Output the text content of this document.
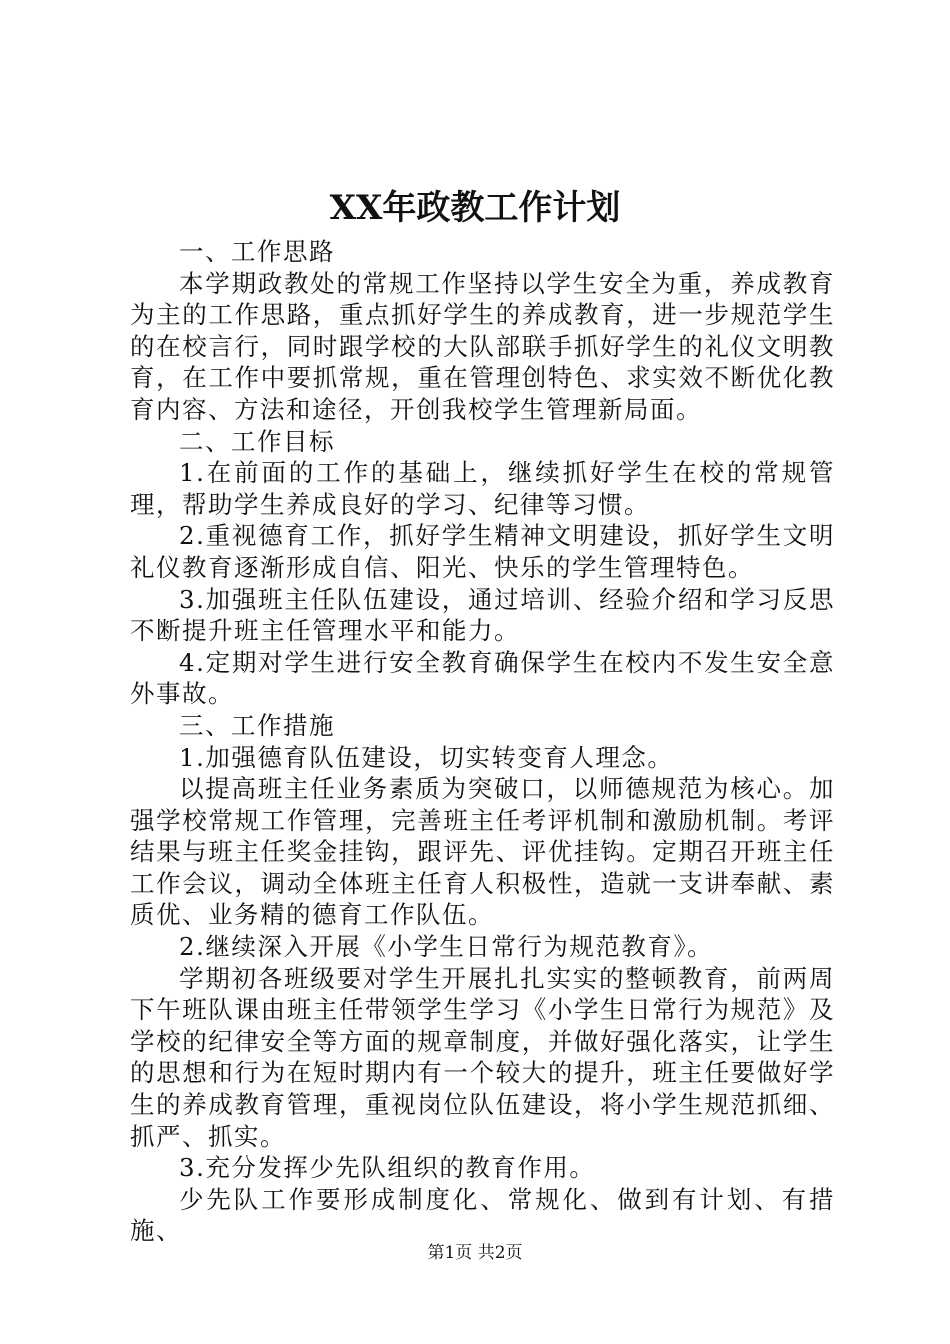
XX年政教工作计划

一、工作思路

本学期政教处的常规工作坚持以学生安全为重，养成教育为主的工作思路，重点抓好学生的养成教育，进一步规范学生的在校言行，同时跟学校的大队部联手抓好学生的礼仪文明教育，在工作中要抓常规，重在管理创特色、求实效不断优化教育内容、方法和途径，开创我校学生管理新局面。

二、工作目标

1.在前面的工作的基础上，继续抓好学生在校的常规管理，帮助学生养成良好的学习、纪律等习惯。

2.重视德育工作，抓好学生精神文明建设，抓好学生文明礼仪教育逐渐形成自信、阳光、快乐的学生管理特色。

3.加强班主任队伍建设，通过培训、经验介绍和学习反思不断提升班主任管理水平和能力。

4.定期对学生进行安全教育确保学生在校内不发生安全意外事故。

三、工作措施

1.加强德育队伍建设，切实转变育人理念。

以提高班主任业务素质为突破口，以师德规范为核心。加强学校常规工作管理，完善班主任考评机制和激励机制。考评结果与班主任奖金挂钩，跟评先、评优挂钩。定期召开班主任工作会议，调动全体班主任育人积极性，造就一支讲奉献、素质优、业务精的德育工作队伍。

2.继续深入开展《小学生日常行为规范教育》。

学期初各班级要对学生开展扎扎实实的整顿教育，前两周下午班队课由班主任带领学生学习《小学生日常行为规范》及学校的纪律安全等方面的规章制度，并做好强化落实，让学生的思想和行为在短时期内有一个较大的提升，班主任要做好学生的养成教育管理，重视岗位队伍建设，将小学生规范抓细、抓严、抓实。

3.充分发挥少先队组织的教育作用。

少先队工作要形成制度化、常规化、做到有计划、有措施、

第1页 共2页
